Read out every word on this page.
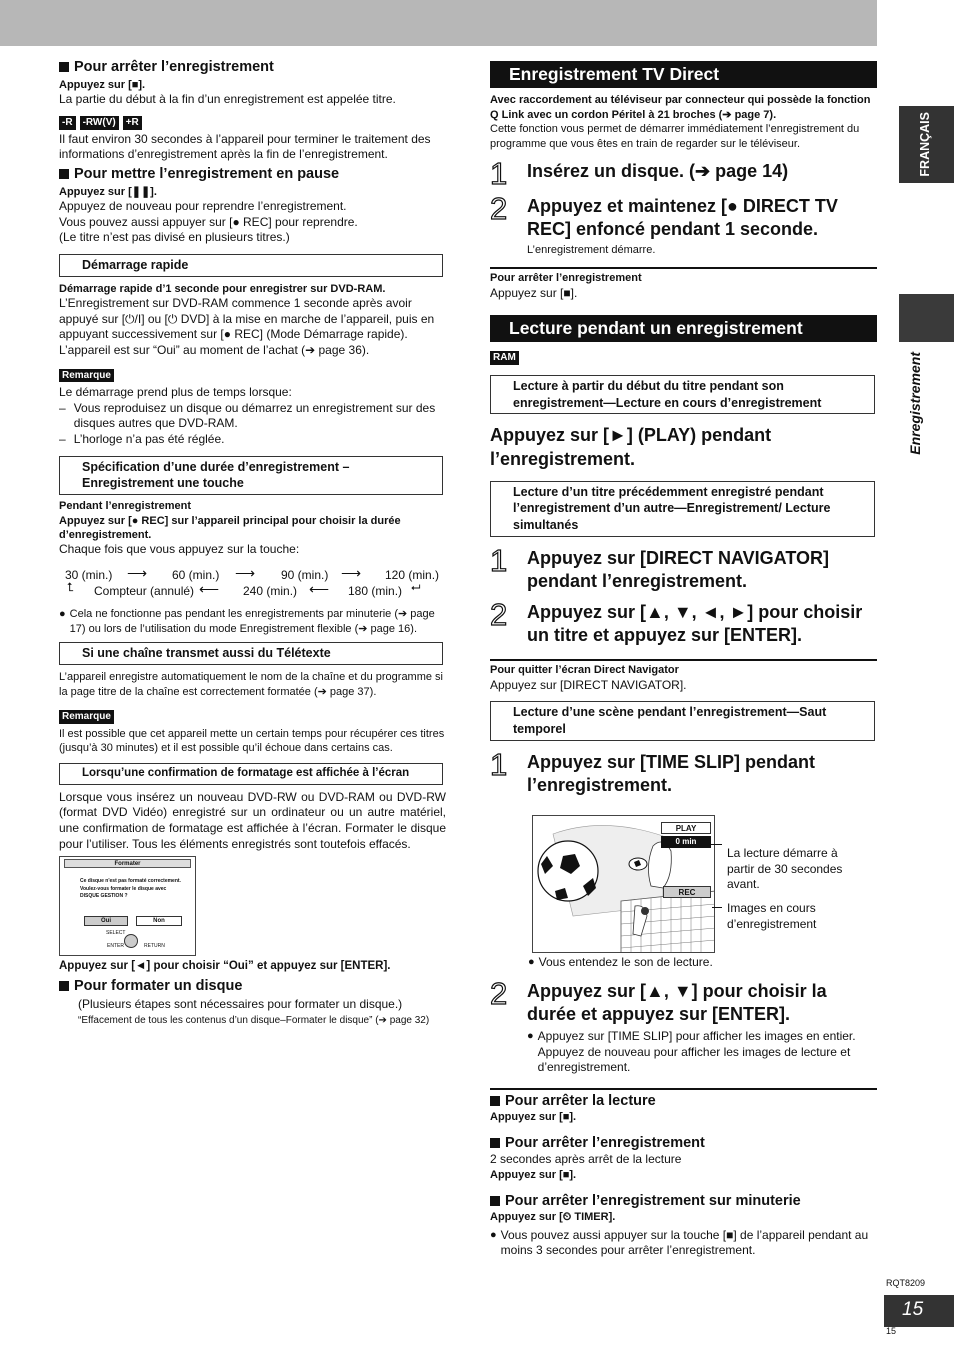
FRANÇAIS
Enregistrement
Pour arrêter l’enregistrement
Appuyez sur [■].
La partie du début à la fin d’un enregistrement est appelée titre.
-R -RW(V) +R
Il faut environ 30 secondes à l’appareil pour terminer le traitement des informations d’enregistrement après la fin de l’enregistrement.
Pour mettre l’enregistrement en pause
Appuyez sur [❚❚].
Appuyez de nouveau pour reprendre l’enregistrement.
Vous pouvez aussi appuyer sur [● REC] pour reprendre.
(Le titre n’est pas divisé en plusieurs titres.)
Démarrage rapide
Démarrage rapide d’1 seconde pour enregistrer sur DVD-RAM.
L’Enregistrement sur DVD-RAM commence 1 seconde après avoir appuyé sur [⏻/I] ou [⏻ DVD] à la mise en marche de l’appareil, puis en appuyant successivement sur [● REC] (Mode Démarrage rapide).
L’appareil est sur “Oui” au moment de l’achat (➔ page 36).
Remarque
Le démarrage prend plus de temps lorsque:
– Vous reproduisez un disque ou démarrez un enregistrement sur des disques autres que DVD-RAM.
– L’horloge n’a pas été réglée.
Spécification d’une durée d’enregistrement – Enregistrement une touche
Pendant l’enregistrement
Appuyez sur [● REC] sur l’appareil principal pour choisir la durée d’enregistrement.
Chaque fois que vous appuyez sur la touche:
30 (min.) ⟶ 60 (min.) ⟶ 90 (min.) ⟶ 120 (min.)
⮤ Compteur (annulé) ⟵ 240 (min.) ⟵ 180 (min.) ⮠
● Cela ne fonctionne pas pendant les enregistrements par minuterie (➔ page 17) ou lors de l’utilisation du mode Enregistrement flexible (➔ page 16).
Si une chaîne transmet aussi du Télétexte
L’appareil enregistre automatiquement le nom de la chaîne et du programme si la page titre de la chaîne est correctement formatée (➔ page 37).
Remarque
Il est possible que cet appareil mette un certain temps pour récupérer ces titres (jusqu’à 30 minutes) et il est possible qu’il échoue dans certains cas.
Lorsqu’une confirmation de formatage est affichée à l’écran
Lorsque vous insérez un nouveau DVD-RW ou DVD-RAM ou DVD-RW (format DVD Vidéo) enregistré sur un ordinateur ou un autre matériel, une confirmation de formatage est affichée à l’écran. Formater le disque pour l’utiliser. Tous les éléments enregistrés sont toutefois effacés.
Formater
Ce disque n'est pas formaté correctement.
Voulez-vous formater le disque avec
DISQUE GESTION ?
Oui	Non
SELECT
ENTER	RETURN
Appuyez sur [◄] pour choisir “Oui” et appuyez sur [ENTER].
Pour formater un disque
(Plusieurs étapes sont nécessaires pour formater un disque.)
“Effacement de tous les contenus d’un disque–Formater le disque” (➔ page 32)
Enregistrement TV Direct
Avec raccordement au téléviseur par connecteur qui possède la fonction Q Link avec un cordon Péritel à 21 broches (➔ page 7).
Cette fonction vous permet de démarrer immédiatement l’enregistrement du programme que vous êtes en train de regarder sur le téléviseur.
1	Insérez un disque. (➔ page 14)
2	Appuyez et maintenez [● DIRECT TV REC] enfoncé pendant 1 seconde.
L’enregistrement démarre.
Pour arrêter l’enregistrement
Appuyez sur [■].
Lecture pendant un enregistrement
RAM
Lecture à partir du début du titre pendant son enregistrement—Lecture en cours d’enregistrement
Appuyez sur [►] (PLAY) pendant l’enregistrement.
Lecture d’un titre précédemment enregistré pendant l’enregistrement d’un autre—Enregistrement/ Lecture simultanés
1	Appuyez sur [DIRECT NAVIGATOR] pendant l’enregistrement.
2	Appuyez sur [▲, ▼, ◄, ►] pour choisir un titre et appuyez sur [ENTER].
Pour quitter l’écran Direct Navigator
Appuyez sur [DIRECT NAVIGATOR].
Lecture d’une scène pendant l’enregistrement—Saut temporel
1	Appuyez sur [TIME SLIP] pendant l’enregistrement.
PLAY
0 min
REC
La lecture démarre à partir de 30 secondes avant.
Images en cours d’enregistrement
● Vous entendez le son de lecture.
2	Appuyez sur [▲, ▼] pour choisir la durée et appuyez sur [ENTER].
● Appuyez sur [TIME SLIP] pour afficher les images en entier. Appuyez de nouveau pour afficher les images de lecture et d’enregistrement.
Pour arrêter la lecture
Appuyez sur [■].
Pour arrêter l’enregistrement
2 secondes après arrêt de la lecture
Appuyez sur [■].
Pour arrêter l’enregistrement sur minuterie
Appuyez sur [⏲ TIMER].
● Vous pouvez aussi appuyer sur la touche [■] de l’appareil pendant au moins 3 secondes pour arrêter l’enregistrement.
RQT8209
15
15
